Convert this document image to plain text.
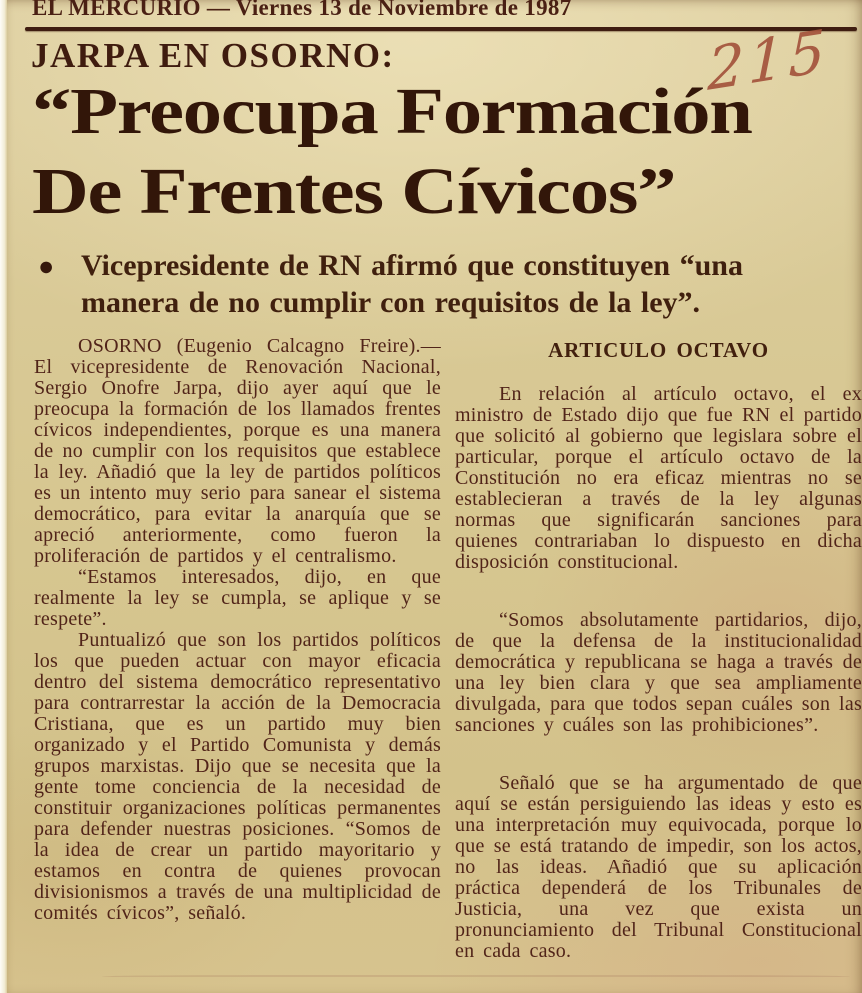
EL MERCURIO — Viernes 13 de Noviembre de 1987
JARPA EN OSORNO:	215
“Preocupa Formación
De Frentes Cívicos”
● Vicepresidente de RN afirmó que constituyen “una manera de no cumplir con requisitos de la ley”.

OSORNO (Eugenio Calcagno Freire).— El vicepresidente de Renovación Nacional, Sergio Onofre Jarpa, dijo ayer aquí que le preocupa la formación de los llamados frentes cívicos independientes, porque es una manera de no cumplir con los requisitos que establece la ley. Añadió que la ley de partidos políticos es un intento muy serio para sanear el sistema democrático, para evitar la anarquía que se apreció anteriormente, como fueron la proliferación de partidos y el centralismo.

“Estamos interesados, dijo, en que realmente la ley se cumpla, se aplique y se respete”.

Puntualizó que son los partidos políticos los que pueden actuar con mayor eficacia dentro del sistema democrático representativo para contrarrestar la acción de la Democracia Cristiana, que es un partido muy bien organizado y el Partido Comunista y demás grupos marxistas. Dijo que se necesita que la gente tome conciencia de la necesidad de constituir organizaciones políticas permanentes para defender nuestras posiciones. “Somos de la idea de crear un partido mayoritario y estamos en contra de quienes provocan divisionismos a través de una multiplicidad de comités cívicos”, señaló.

ARTICULO OCTAVO

En relación al artículo octavo, el ex ministro de Estado dijo que fue RN el partido que solicitó al gobierno que legislara sobre el particular, porque el artículo octavo de la Constitución no era eficaz mientras no se establecieran a través de la ley algunas normas que significarán sanciones para quienes contrariaban lo dispuesto en dicha disposición constitucional.

“Somos absolutamente partidarios, dijo, de que la defensa de la institucionalidad democrática y republicana se haga a través de una ley bien clara y que sea ampliamente divulgada, para que todos sepan cuáles son las sanciones y cuáles son las prohibiciones”.

Señaló que se ha argumentado de que aquí se están persiguiendo las ideas y esto es una interpretación muy equivocada, porque lo que se está tratando de impedir, son los actos, no las ideas. Añadió que su aplicación práctica dependerá de los Tribunales de Justicia, una vez que exista un pronunciamiento del Tribunal Constitucional en cada caso.
